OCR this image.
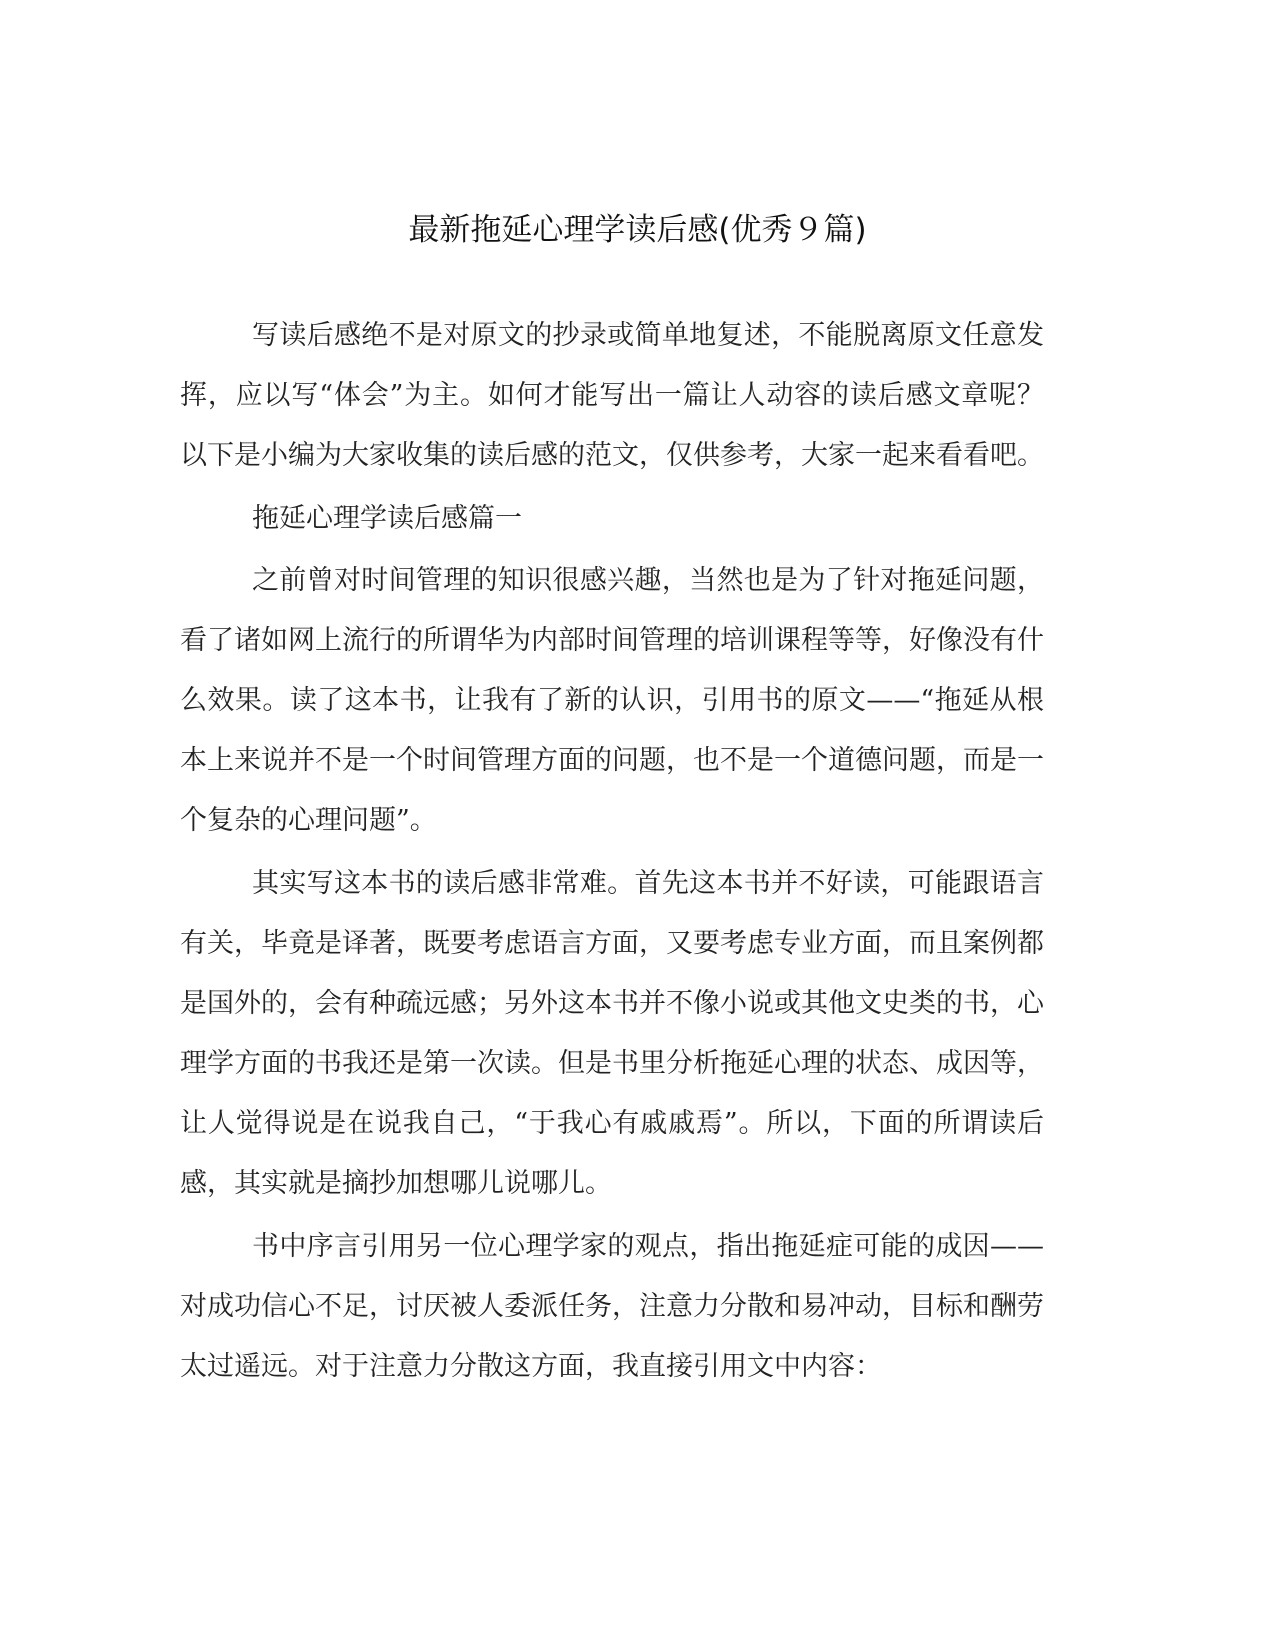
最新拖延心理学读后感(优秀９篇)

写读后感绝不是对原文的抄录或简单地复述，不能脱离原文任意发挥，应以写“体会”为主。如何才能写出一篇让人动容的读后感文章呢？以下是小编为大家收集的读后感的范文，仅供参考，大家一起来看看吧。

拖延心理学读后感篇一

之前曾对时间管理的知识很感兴趣，当然也是为了针对拖延问题，看了诸如网上流行的所谓华为内部时间管理的培训课程等等，好像没有什么效果。读了这本书，让我有了新的认识，引用书的原文——“拖延从根本上来说并不是一个时间管理方面的问题，也不是一个道德问题，而是一个复杂的心理问题”。

其实写这本书的读后感非常难。首先这本书并不好读，可能跟语言有关，毕竟是译著，既要考虑语言方面，又要考虑专业方面，而且案例都是国外的，会有种疏远感；另外这本书并不像小说或其他文史类的书，心理学方面的书我还是第一次读。但是书里分析拖延心理的状态、成因等，让人觉得说是在说我自己，“于我心有戚戚焉”。所以，下面的所谓读后感，其实就是摘抄加想哪儿说哪儿。

书中序言引用另一位心理学家的观点，指出拖延症可能的成因——对成功信心不足，讨厌被人委派任务，注意力分散和易冲动，目标和酬劳太过遥远。对于注意力分散这方面，我直接引用文中内容：
